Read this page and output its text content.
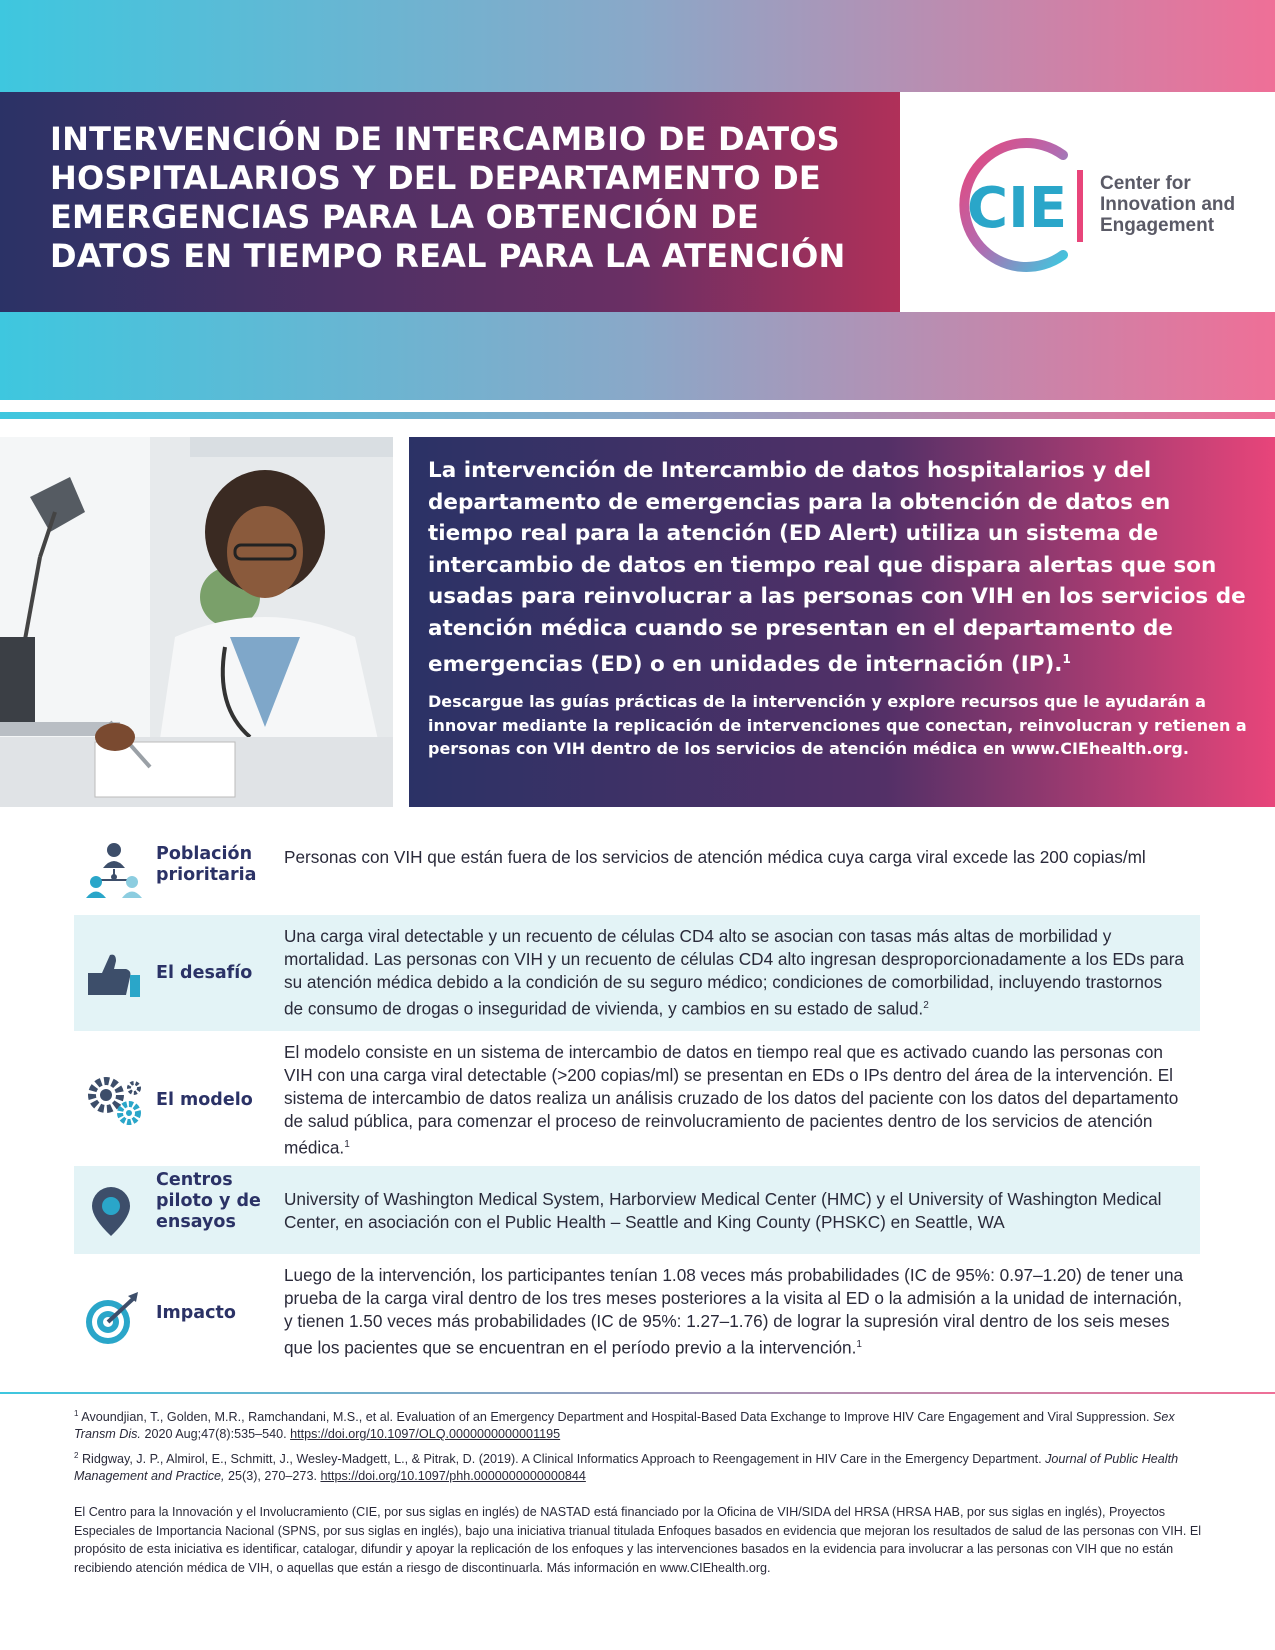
INTERVENCIÓN DE INTERCAMBIO DE DATOS HOSPITALARIOS Y DEL DEPARTAMENTO DE EMERGENCIAS PARA LA OBTENCIÓN DE DATOS EN TIEMPO REAL PARA LA ATENCIÓN
CIE Center for
Innovation and
Engagement

La intervención de Intercambio de datos hospitalarios y del departamento de emergencias para la obtención de datos en tiempo real para la atención (ED Alert) utiliza un sistema de intercambio de datos en tiempo real que dispara alertas que son usadas para reinvolucrar a las personas con VIH en los servicios de atención médica cuando se presentan en el departamento de emergencias (ED) o en unidades de internación (IP).$^1$

Descargue las guías prácticas de la intervención y explore recursos que le ayudarán a innovar mediante la replicación de intervenciones que conectan, reinvolucran y retienen a personas con VIH dentro de los servicios de atención médica en www.CIEhealth.org.

Población prioritaria
Personas con VIH que están fuera de los servicios de atención médica cuya carga viral excede las 200 copias/ml
El desafío
Una carga viral detectable y un recuento de células CD4 alto se asocian con tasas más altas de morbilidad y mortalidad. Las personas con VIH y un recuento de células CD4 alto ingresan desproporcionadamente a los EDs para su atención médica debido a la condición de su seguro médico; condiciones de comorbilidad, incluyendo trastornos de consumo de drogas o inseguridad de vivienda, y cambios en su estado de salud.$^2$
El modelo
El modelo consiste en un sistema de intercambio de datos en tiempo real que es activado cuando las personas con VIH con una carga viral detectable (>200 copias/ml) se presentan en EDs o IPs dentro del área de la intervención. El sistema de intercambio de datos realiza un análisis cruzado de los datos del paciente con los datos del departamento de salud pública, para comenzar el proceso de reinvolucramiento de pacientes dentro de los servicios de atención médica.$^1$
Centros piloto y de ensayos
University of Washington Medical System, Harborview Medical Center (HMC) y el University of Washington Medical Center, en asociación con el Public Health – Seattle and King County (PHSKC) en Seattle, WA
Impacto
Luego de la intervención, los participantes tenían 1.08 veces más probabilidades (IC de 95%: 0.97–1.20) de tener una prueba de la carga viral dentro de los tres meses posteriores a la visita al ED o la admisión a la unidad de internación, y tienen 1.50 veces más probabilidades (IC de 95%: 1.27–1.76) de lograr la supresión viral dentro de los seis meses que los pacientes que se encuentran en el período previo a la intervención.$^1$

$^1$ Avoundjian, T., Golden, M.R., Ramchandani, M.S., et al. Evaluation of an Emergency Department and Hospital-Based Data Exchange to Improve HIV Care Engagement and Viral Suppression. Sex Transm Dis. 2020 Aug;47(8):535–540. https://doi.org/10.1097/OLQ.0000000000001195

$^2$ Ridgway, J. P., Almirol, E., Schmitt, J., Wesley-Madgett, L., & Pitrak, D. (2019). A Clinical Informatics Approach to Reengagement in HIV Care in the Emergency Department. Journal of Public Health Management and Practice, 25(3), 270–273. https://doi.org/10.1097/phh.0000000000000844

El Centro para la Innovación y el Involucramiento (CIE, por sus siglas en inglés) de NASTAD está financiado por la Oficina de VIH/SIDA del HRSA (HRSA HAB, por sus siglas en inglés), Proyectos Especiales de Importancia Nacional (SPNS, por sus siglas en inglés), bajo una iniciativa trianual titulada Enfoques basados en evidencia que mejoran los resultados de salud de las personas con VIH. El propósito de esta iniciativa es identificar, catalogar, difundir y apoyar la replicación de los enfoques y las intervenciones basados en la evidencia para involucrar a las personas con VIH que no están recibiendo atención médica de VIH, o aquellas que están a riesgo de discontinuarla. Más información en www.CIEhealth.org.
